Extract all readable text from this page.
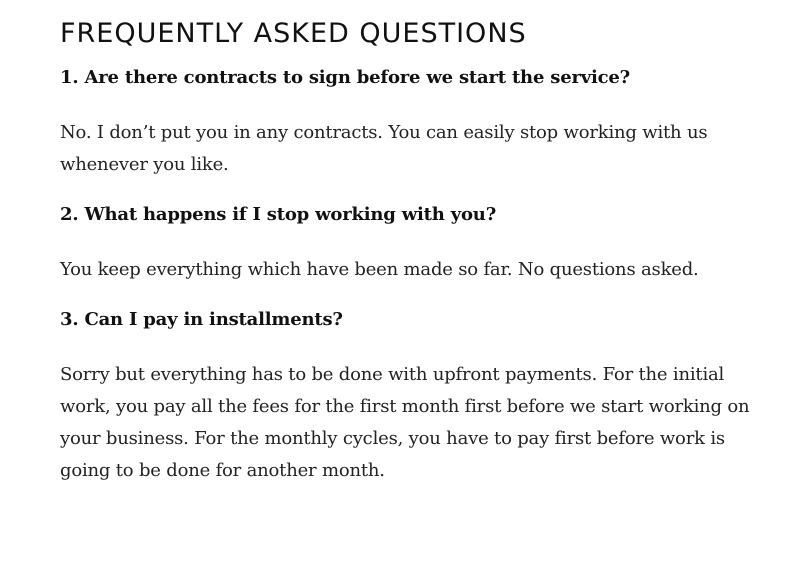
FREQUENTLY ASKED QUESTIONS
1. Are there contracts to sign before we start the service?

No. I don’t put you in any contracts. You can easily stop working with us whenever you like.

2. What happens if I stop working with you?

You keep everything which have been made so far. No questions asked.

3. Can I pay in installments?

Sorry but everything has to be done with upfront payments. For the initial work, you pay all the fees for the first month first before we start working on your business. For the monthly cycles, you have to pay first before work is going to be done for another month.
